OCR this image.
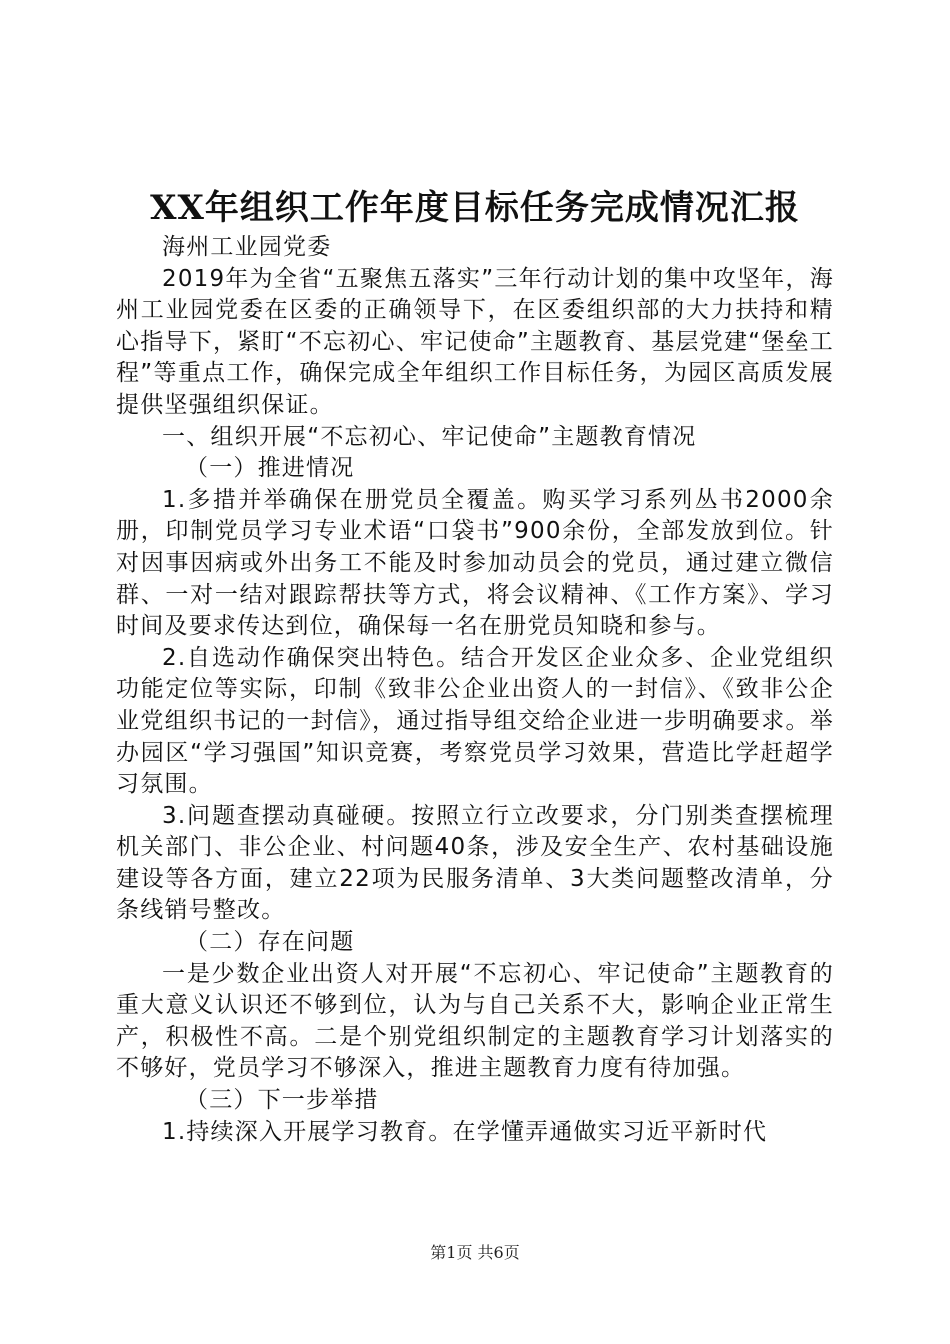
XX年组织工作年度目标任务完成情况汇报

海州工业园党委

2019年为全省“五聚焦五落实”三年行动计划的集中攻坚年，海州工业园党委在区委的正确领导下，在区委组织部的大力扶持和精心指导下，紧盯“不忘初心、牢记使命”主题教育、基层党建“堡垒工程”等重点工作，确保完成全年组织工作目标任务，为园区高质发展提供坚强组织保证。

一、组织开展“不忘初心、牢记使命”主题教育情况

（一）推进情况

1.多措并举确保在册党员全覆盖。购买学习系列丛书2000余册，印制党员学习专业术语“口袋书”900余份，全部发放到位。针对因事因病或外出务工不能及时参加动员会的党员，通过建立微信群、一对一结对跟踪帮扶等方式，将会议精神、《工作方案》、学习时间及要求传达到位，确保每一名在册党员知晓和参与。

2.自选动作确保突出特色。结合开发区企业众多、企业党组织功能定位等实际，印制《致非公企业出资人的一封信》、《致非公企业党组织书记的一封信》，通过指导组交给企业进一步明确要求。举办园区“学习强国”知识竞赛，考察党员学习效果，营造比学赶超学习氛围。

3.问题查摆动真碰硬。按照立行立改要求，分门别类查摆梳理机关部门、非公企业、村问题40条，涉及安全生产、农村基础设施建设等各方面，建立22项为民服务清单、3大类问题整改清单，分条线销号整改。

（二）存在问题

一是少数企业出资人对开展“不忘初心、牢记使命”主题教育的重大意义认识还不够到位，认为与自己关系不大，影响企业正常生产，积极性不高。二是个别党组织制定的主题教育学习计划落实的不够好，党员学习不够深入，推进主题教育力度有待加强。

（三）下一步举措

1.持续深入开展学习教育。在学懂弄通做实习近平新时代

第1页 共6页
